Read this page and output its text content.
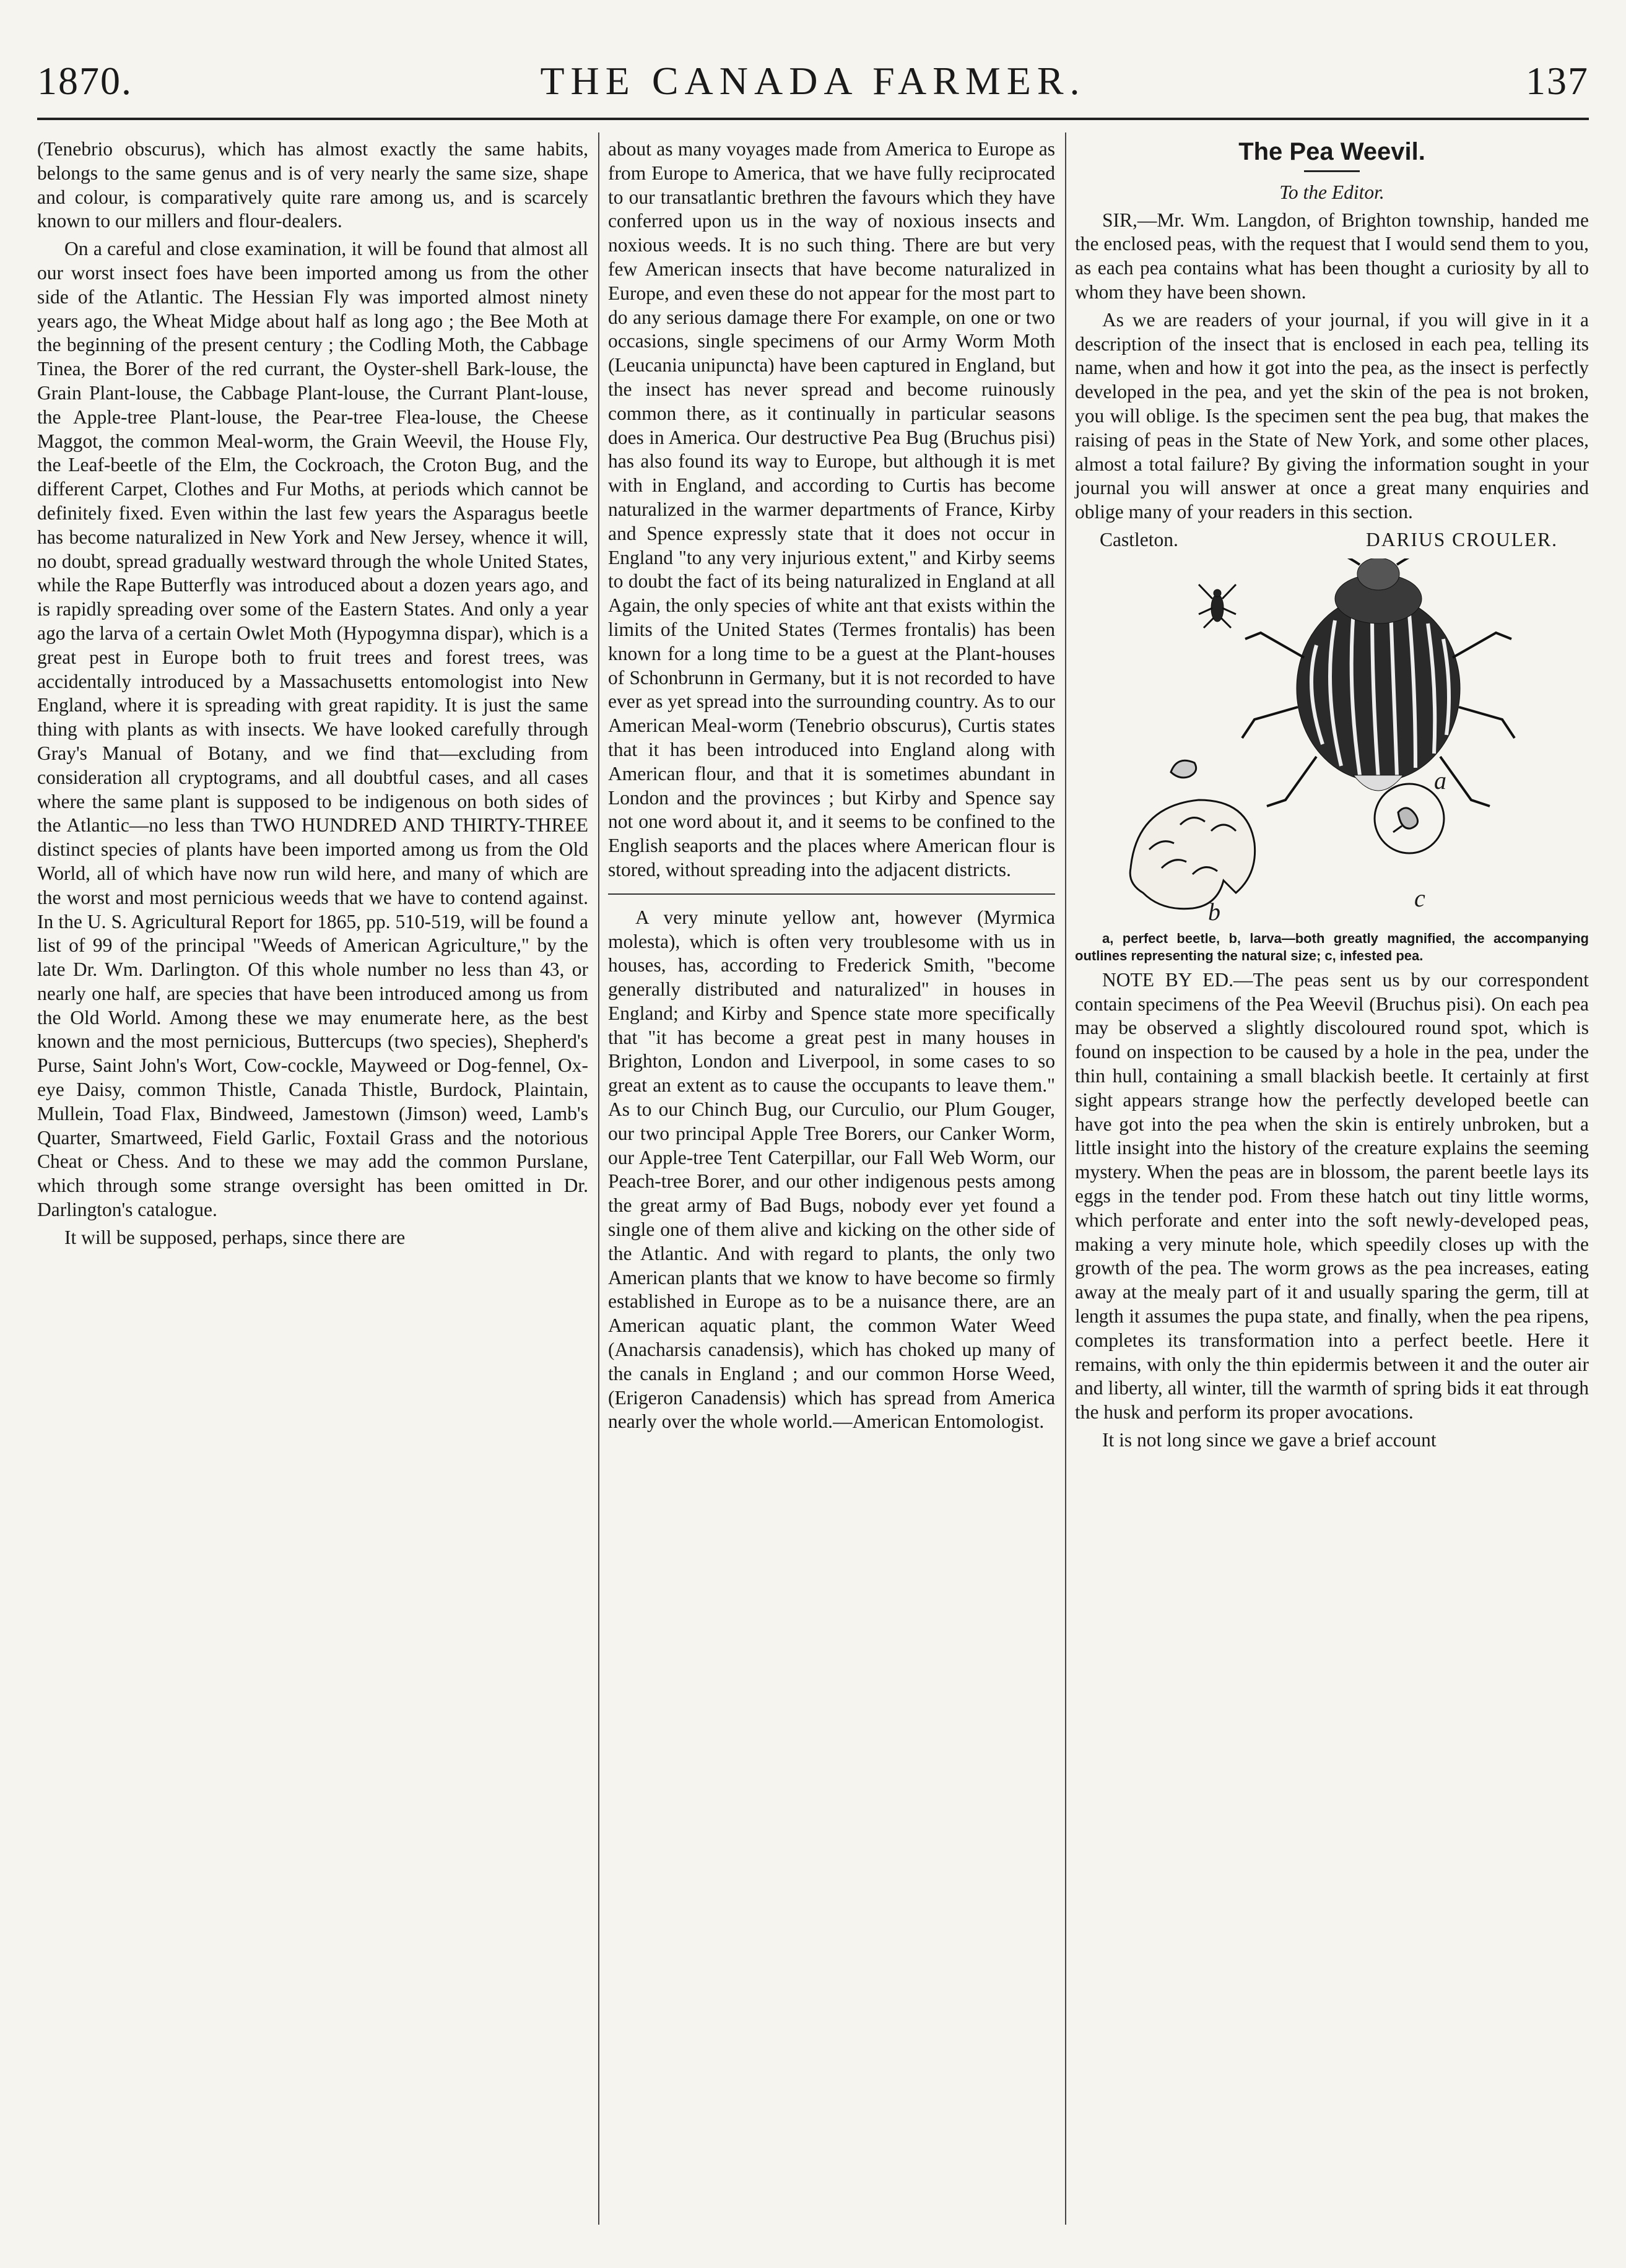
1870.	THE CANADA FARMER.	137

(Tenebrio obscurus), which has almost exactly the same habits, belongs to the same genus and is of very nearly the same size, shape and colour, is comparatively quite rare among us, and is scarcely known to our millers and flour-dealers.

On a careful and close examination, it will be found that almost all our worst insect foes have been imported among us from the other side of the Atlantic. The Hessian Fly was imported almost ninety years ago, the Wheat Midge about half as long ago ; the Bee Moth at the beginning of the present century ; the Codling Moth, the Cabbage Tinea, the Borer of the red currant, the Oyster-shell Bark-louse, the Grain Plant-louse, the Cabbage Plant-louse, the Currant Plant-louse, the Apple-tree Plant-louse, the Pear-tree Flea-louse, the Cheese Maggot, the common Meal-worm, the Grain Weevil, the House Fly, the Leaf-beetle of the Elm, the Cockroach, the Croton Bug, and the different Carpet, Clothes and Fur Moths, at periods which cannot be definitely fixed. Even within the last few years the Asparagus beetle has become naturalized in New York and New Jersey, whence it will, no doubt, spread gradually westward through the whole United States, while the Rape Butterfly was introduced about a dozen years ago, and is rapidly spreading over some of the Eastern States. And only a year ago the larva of a certain Owlet Moth (Hypogymna dispar), which is a great pest in Europe both to fruit trees and forest trees, was accidentally introduced by a Massachusetts entomologist into New England, where it is spreading with great rapidity. It is just the same thing with plants as with insects. We have looked carefully through Gray's Manual of Botany, and we find that—excluding from consideration all cryptograms, and all doubtful cases, and all cases where the same plant is supposed to be indigenous on both sides of the Atlantic—no less than TWO HUNDRED AND THIRTY-THREE distinct species of plants have been imported among us from the Old World, all of which have now run wild here, and many of which are the worst and most pernicious weeds that we have to contend against. In the U. S. Agricultural Report for 1865, pp. 510-519, will be found a list of 99 of the principal "Weeds of American Agriculture," by the late Dr. Wm. Darlington. Of this whole number no less than 43, or nearly one half, are species that have been introduced among us from the Old World. Among these we may enumerate here, as the best known and the most pernicious, Buttercups (two species), Shepherd's Purse, Saint John's Wort, Cow-cockle, Mayweed or Dog-fennel, Ox-eye Daisy, common Thistle, Canada Thistle, Burdock, Plaintain, Mullein, Toad Flax, Bindweed, Jamestown (Jimson) weed, Lamb's Quarter, Smartweed, Field Garlic, Foxtail Grass and the notorious Cheat or Chess. And to these we may add the common Purslane, which through some strange oversight has been omitted in Dr. Darlington's catalogue.

It will be supposed, perhaps, since there are

about as many voyages made from America to Europe as from Europe to America, that we have fully reciprocated to our transatlantic brethren the favours which they have conferred upon us in the way of noxious insects and noxious weeds. It is no such thing. There are but very few American insects that have become naturalized in Europe, and even these do not appear for the most part to do any serious damage there For example, on one or two occasions, single specimens of our Army Worm Moth (Leucania unipuncta) have been captured in England, but the insect has never spread and become ruinously common there, as it continually in particular seasons does in America. Our destructive Pea Bug (Bruchus pisi) has also found its way to Europe, but although it is met with in England, and according to Curtis has become naturalized in the warmer departments of France, Kirby and Spence expressly state that it does not occur in England "to any very injurious extent," and Kirby seems to doubt the fact of its being naturalized in England at all Again, the only species of white ant that exists within the limits of the United States (Termes frontalis) has been known for a long time to be a guest at the Plant-houses of Schonbrunn in Germany, but it is not recorded to have ever as yet spread into the surrounding country. As to our American Meal-worm (Tenebrio obscurus), Curtis states that it has been introduced into England along with American flour, and that it is sometimes abundant in London and the provinces ; but Kirby and Spence say not one word about it, and it seems to be confined to the English seaports and the places where American flour is stored, without spreading into the adjacent districts.

A very minute yellow ant, however (Myrmica molesta), which is often very troublesome with us in houses, has, according to Frederick Smith, "become generally distributed and naturalized" in houses in England; and Kirby and Spence state more specifically that "it has become a great pest in many houses in Brighton, London and Liverpool, in some cases to so great an extent as to cause the occupants to leave them." As to our Chinch Bug, our Curculio, our Plum Gouger, our two principal Apple Tree Borers, our Canker Worm, our Apple-tree Tent Caterpillar, our Fall Web Worm, our Peach-tree Borer, and our other indigenous pests among the great army of Bad Bugs, nobody ever yet found a single one of them alive and kicking on the other side of the Atlantic. And with regard to plants, the only two American plants that we know to have become so firmly established in Europe as to be a nuisance there, are an American aquatic plant, the common Water Weed (Anacharsis canadensis), which has choked up many of the canals in England ; and our common Horse Weed, (Erigeron Canadensis) which has spread from America nearly over the whole world.—American Entomologist.

The Pea Weevil.

To the Editor.

SIR,—Mr. Wm. Langdon, of Brighton township, handed me the enclosed peas, with the request that I would send them to you, as each pea contains what has been thought a curiosity by all to whom they have been shown.

As we are readers of your journal, if you will give in it a description of the insect that is enclosed in each pea, telling its name, when and how it got into the pea, as the insect is perfectly developed in the pea, and yet the skin of the pea is not broken, you will oblige. Is the specimen sent the pea bug, that makes the raising of peas in the State of New York, and some other places, almost a total failure? By giving the information sought in your journal you will answer at once a great many enquiries and oblige many of your readers in this section.

Castleton.	DARIUS CROULER.
a
b	c

a, perfect beetle, b, larva—both greatly magnified, the accompanying outlines representing the natural size; c, infested pea.

NOTE BY ED.—The peas sent us by our correspondent contain specimens of the Pea Weevil (Bruchus pisi). On each pea may be observed a slightly discoloured round spot, which is found on inspection to be caused by a hole in the pea, under the thin hull, containing a small blackish beetle. It certainly at first sight appears strange how the perfectly developed beetle can have got into the pea when the skin is entirely unbroken, but a little insight into the history of the creature explains the seeming mystery. When the peas are in blossom, the parent beetle lays its eggs in the tender pod. From these hatch out tiny little worms, which perforate and enter into the soft newly-developed peas, making a very minute hole, which speedily closes up with the growth of the pea. The worm grows as the pea increases, eating away at the mealy part of it and usually sparing the germ, till at length it assumes the pupa state, and finally, when the pea ripens, completes its transformation into a perfect beetle. Here it remains, with only the thin epidermis between it and the outer air and liberty, all winter, till the warmth of spring bids it eat through the husk and perform its proper avocations.

It is not long since we gave a brief account
